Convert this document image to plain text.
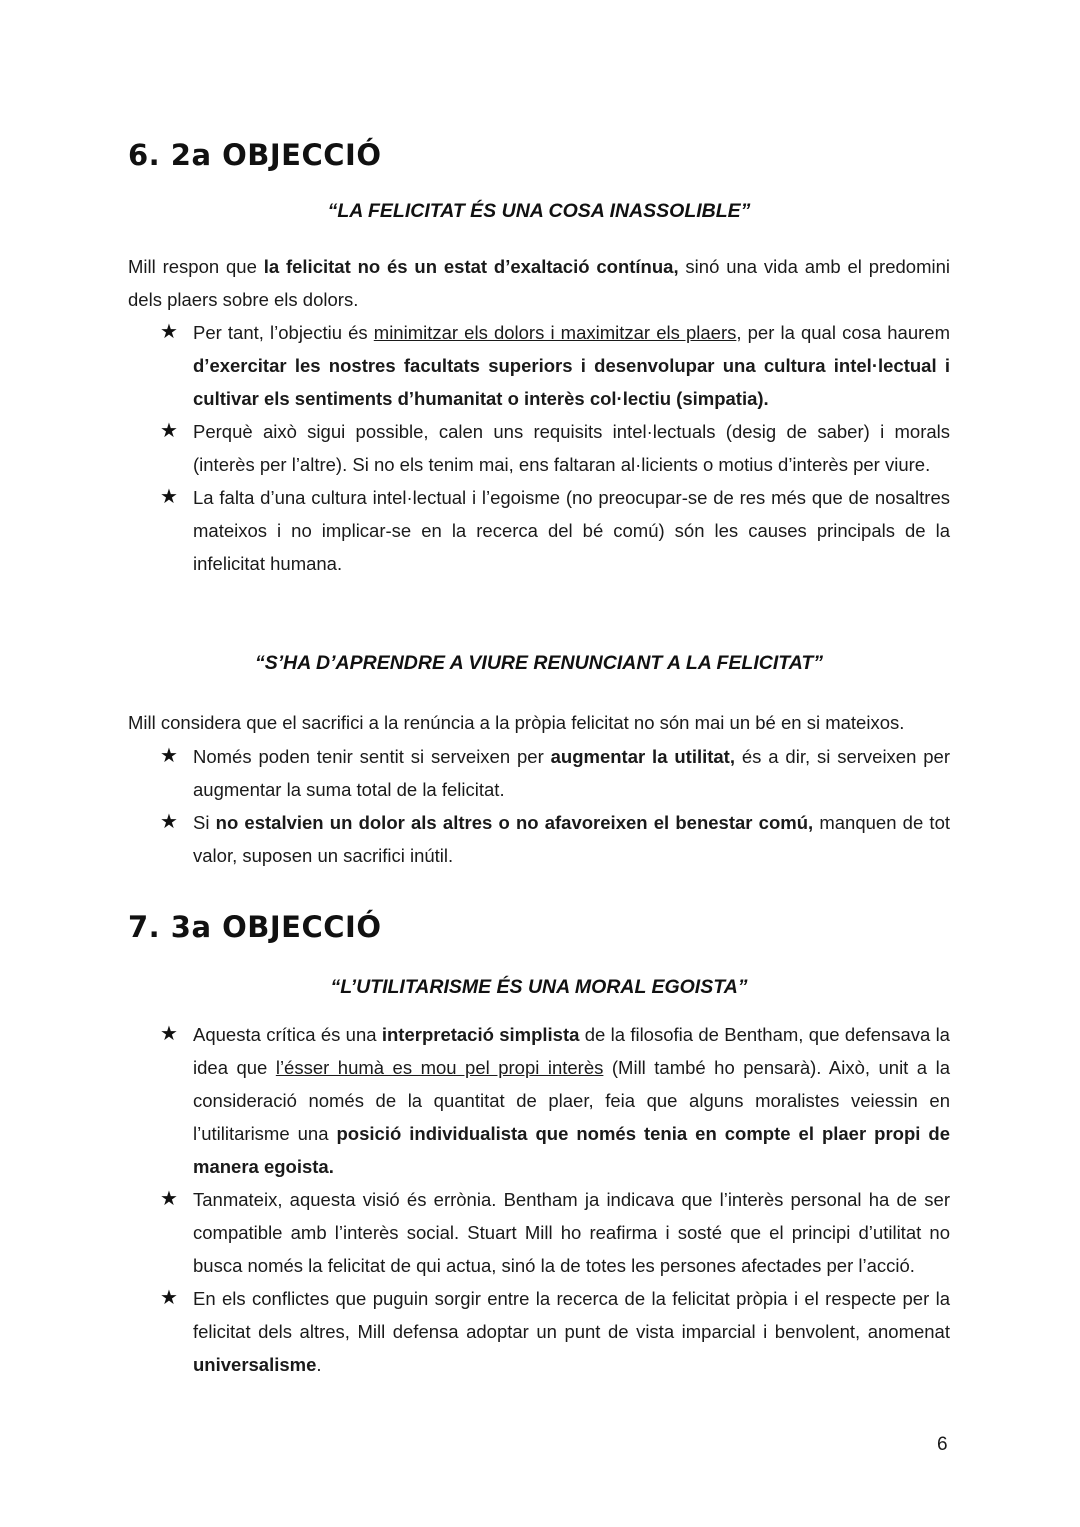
6. 2a OBJECCIÓ

“LA FELICITAT ÉS UNA COSA INASSOLIBLE”

Mill respon que la felicitat no és un estat d’exaltació contínua, sinó una vida amb el predomini dels plaers sobre els dolors.

★ Per tant, l’objectiu és minimitzar els dolors i maximitzar els plaers, per la qual cosa haurem d’exercitar les nostres facultats superiors i desenvolupar una cultura intel·lectual i cultivar els sentiments d’humanitat o interès col·lectiu (simpatia).
★ Perquè això sigui possible, calen uns requisits intel·lectuals (desig de saber) i morals (interès per l’altre). Si no els tenim mai, ens faltaran al·licients o motius d’interès per viure.
★ La falta d’una cultura intel·lectual i l’egoisme (no preocupar-se de res més que de nosaltres mateixos i no implicar-se en la recerca del bé comú) són les causes principals de la infelicitat humana.

“S’HA D’APRENDRE A VIURE RENUNCIANT A LA FELICITAT”

Mill considera que el sacrifici a la renúncia a la pròpia felicitat no són mai un bé en si mateixos.

★ Només poden tenir sentit si serveixen per augmentar la utilitat, és a dir, si serveixen per augmentar la suma total de la felicitat.
★ Si no estalvien un dolor als altres o no afavoreixen el benestar comú, manquen de tot valor, suposen un sacrifici inútil.
7. 3a OBJECCIÓ

“L’UTILITARISME ÉS UNA MORAL EGOISTA”

★ Aquesta crítica és una interpretació simplista de la filosofia de Bentham, que defensava la idea que l’ésser humà es mou pel propi interès (Mill també ho pensarà). Això, unit a la consideració només de la quantitat de plaer, feia que alguns moralistes veiessin en l’utilitarisme una posició individualista que només tenia en compte el plaer propi de manera egoista.
★ Tanmateix, aquesta visió és errònia. Bentham ja indicava que l’interès personal ha de ser compatible amb l’interès social. Stuart Mill ho reafirma i sosté que el principi d’utilitat no busca només la felicitat de qui actua, sinó la de totes les persones afectades per l’acció.
★ En els conflictes que puguin sorgir entre la recerca de la felicitat pròpia i el respecte per la felicitat dels altres, Mill defensa adoptar un punt de vista imparcial i benvolent, anomenat universalisme.
6
